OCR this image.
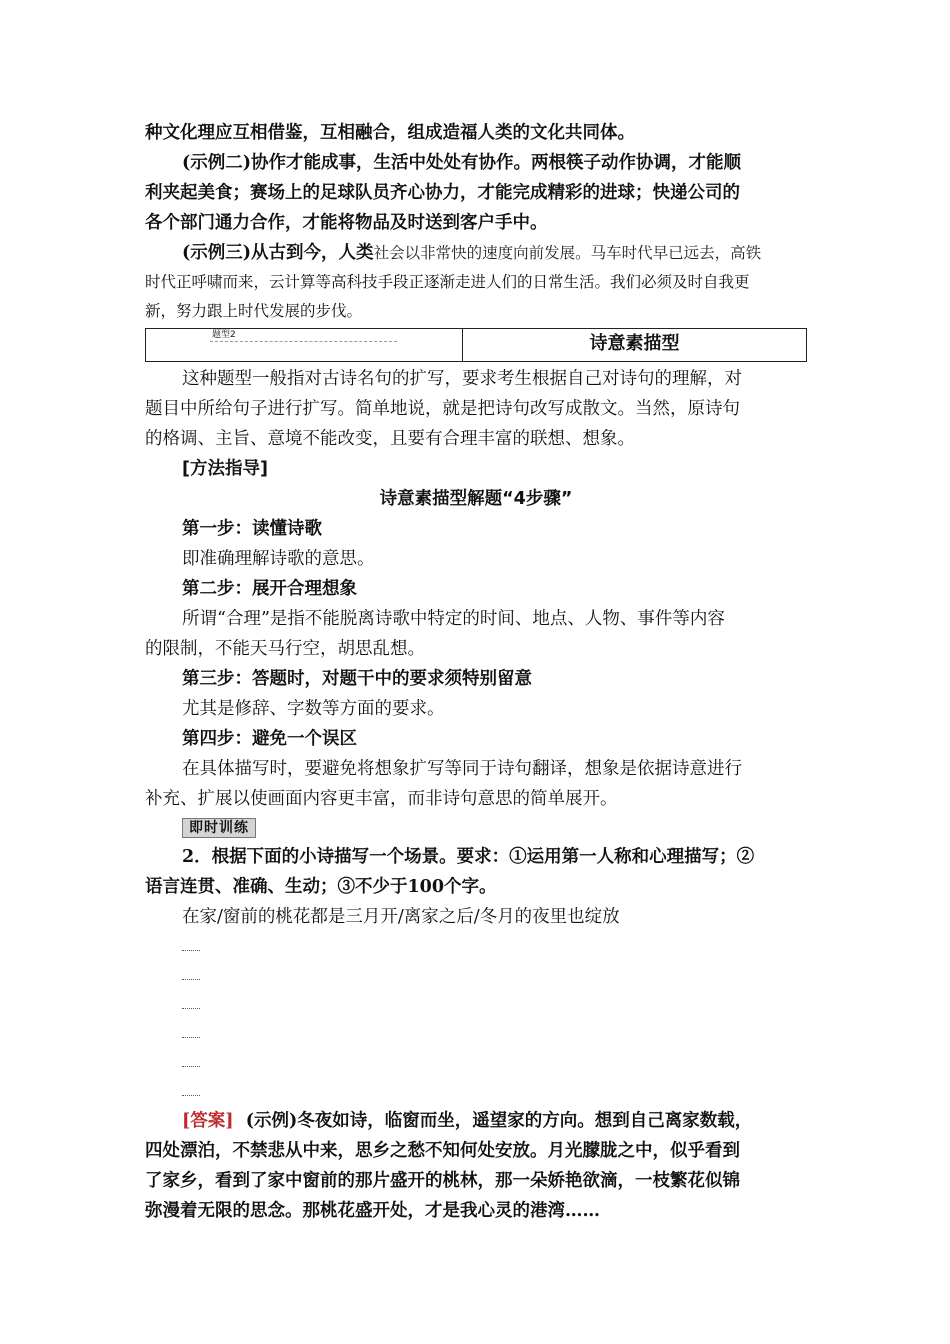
种文化理应互相借鉴，互相融合，组成造福人类的文化共同体。
(示例二)协作才能成事，生活中处处有协作。两根筷子动作协调，才能顺
利夹起美食；赛场上的足球队员齐心协力，才能完成精彩的进球；快递公司的
各个部门通力合作，才能将物品及时送到客户手中。
(示例三)从古到今，人类社会以非常快的速度向前发展。马车时代早已远去，高铁
时代正呼啸而来，云计算等高科技手段正逐渐走进人们的日常生活。我们必须及时自我更
新，努力跟上时代发展的步伐。
题型2	诗意素描型
这种题型一般指对古诗名句的扩写，要求考生根据自己对诗句的理解，对
题目中所给句子进行扩写。简单地说，就是把诗句改写成散文。当然，原诗句
的格调、主旨、意境不能改变，且要有合理丰富的联想、想象。
[方法指导]
诗意素描型解题“4步骤”
第一步：读懂诗歌
即准确理解诗歌的意思。
第二步：展开合理想象
所谓“合理”是指不能脱离诗歌中特定的时间、地点、人物、事件等内容
的限制，不能天马行空，胡思乱想。
第三步：答题时，对题干中的要求须特别留意
尤其是修辞、字数等方面的要求。
第四步：避免一个误区
在具体描写时，要避免将想象扩写等同于诗句翻译，想象是依据诗意进行
补充、扩展以使画面内容更丰富，而非诗句意思的简单展开。
即时训练
2．根据下面的小诗描写一个场景。要求：①运用第一人称和心理描写；②
语言连贯、准确、生动；③不少于100个字。
在家/窗前的桃花都是三月开/离家之后/冬月的夜里也绽放
[答案] (示例)冬夜如诗，临窗而坐，遥望家的方向。想到自己离家数载，
四处漂泊，不禁悲从中来，思乡之愁不知何处安放。月光朦胧之中，似乎看到
了家乡，看到了家中窗前的那片盛开的桃林，那一朵娇艳欲滴，一枝繁花似锦
弥漫着无限的思念。那桃花盛开处，才是我心灵的港湾……
